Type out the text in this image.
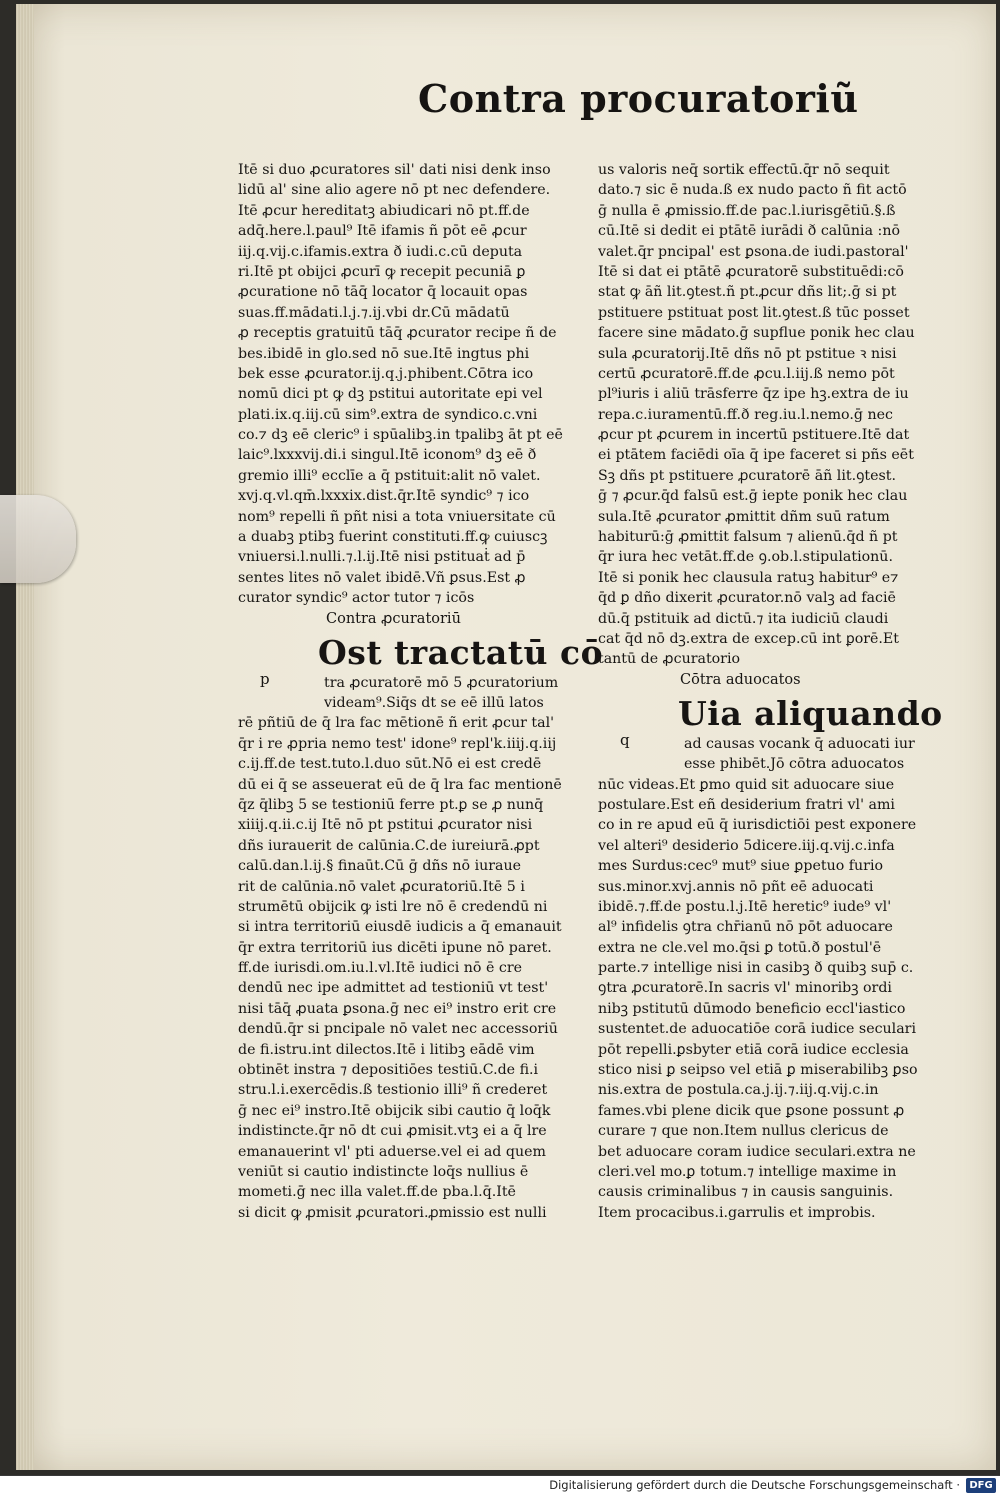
Contra procuratoriũ
Itē si duo ꝓcuratores sil' dati nisi denk inso
lidū al' sine alio agere nō pt nec defendere.
Itē ꝓcur hereditatꝫ abiudicari nō pt.ff.de
adq̄.here.l.paul⁹ Itē ifamis ñ pōt eē ꝓcur
iij.q.vij.c.ifamis.extra ð iudi.c.cū deputa
ri.Itē pt obijci ꝓcurī ꝙ recepit pecuniā ꝑ
ꝓcuratione nō tāq̄ locator q̄ locauit opas
suas.ff.mādati.l.j.⁊.ij.vbi dr.Cū mādatū
ꝓ receptis gratuitū tāq̄ ꝓcurator recipe ñ de
bes.ibidē in glo.sed nō sue.Itē ingtus phi
bek esse ꝓcurator.ij.q.j.phibent.Cōtra ico
nomū dici pt ꝙ dꝫ pstitui autoritate epi vel
plati.ix.q.iij.cū sim⁹.extra de syndico.c.vni
co.⁊ dꝫ eē cleric⁹ i spūalibꝫ.in tpalibꝫ āt pt eē
laic⁹.lxxxvij.di.i singul.Itē iconom⁹ dꝫ eē ð
gremio illi⁹ ecclīe a q̄ pstituit:alit nō valet.
xvj.q.vl.qm̄.lxxxix.dist.q̄r.Itē syndic⁹ ⁊ ico
nom⁹ repelli ñ pñt nisi a tota vniuersitate cū
a duabꝫ ptibꝫ fuerint constituti.ff.ꝙ cuiuscꝫ
vniuersi.l.nulli.⁊.l.ij.Itē nisi pstituaṫ ad p̄
sentes lites nō valet ibidē.Vñ ꝑsus.Est ꝓ
curator syndic⁹ actor tutor ⁊ icōs
Contra ꝓcuratoriū
Ost tractatū cō
p	tra ꝓcuratorē mō 5 ꝓcuratorium
videam⁹.Siq̄s dt se eē illū latos
rē pñtiū de q̄ lra fac mētionē ñ erit ꝓcur tal'
q̄r i re ꝓpria nemo test' idone⁹ repl'k.iiij.q.iij
c.ij.ff.de test.tuto.l.duo sūt.Nō ei est credē
dū ei q̄ se asseuerat eū de q̄ lra fac mentionē
q̄z q̄libꝫ 5 se testioniū ferre pt.ꝑ se ꝓ nunq̄
xiiij.q.ii.c.ij Itē nō pt pstitui ꝓcurator nisi
dñs iurauerit de calūnia.C.de iureiurā.ꝓpt
calū.dan.l.ij.§ finaūt.Cū ḡ dñs nō iuraue
rit de calūnia.nō valet ꝓcuratoriū.Itē 5 i
strumētū obijcik ꝙ isti lre nō ē credendū ni
si intra territoriū eiusdē iudicis a q̄ emanauit
q̄r extra territoriū ius dicēti ipune nō paret.
ff.de iurisdi.om.iu.l.vl.Itē iudici nō ē cre
dendū nec ipe admittet ad testioniū vt test'
nisi tāq̄ ꝓuata ꝑsona.ḡ nec ei⁹ instro erit cre
dendū.q̄r si pncipale nō valet nec accessoriū
de fi.istru.int dilectos.Itē i litibꝫ eādē vim
obtinēt instra ⁊ depositiōes testiū.C.de fi.i
stru.l.i.exercēdis.ß testionio illi⁹ ñ crederet
ḡ nec ei⁹ instro.Itē obijcik sibi cautio q̄ loq̄k
indistincte.q̄r nō dt cui ꝓmisit.vtꝫ ei a q̄ lre
emanauerint vl' pti aduerse.vel ei ad quem
veniūt si cautio indistincte loq̄s nullius ē
mometi.ḡ nec illa valet.ff.de pba.l.q̄.Itē
si dicit ꝙ ꝓmisit ꝓcuratori.ꝓmissio est nulli
us valoris neq̄ sortik effectū.q̄r nō sequit
dato.⁊ sic ē nuda.ß ex nudo pacto ñ fit actō
ḡ nulla ē ꝓmissio.ff.de pac.l.iurisgētiū.§.ß
cū.Itē si dedit ei ptātē iurādi ð calūnia :nō
valet.q̄r pncipal' est ꝑsona.de iudi.pastoral'
Itē si dat ei ptātē ꝓcuratorē substituēdi:cō
stat ꝙ āñ lit.ꝯtest.ñ pt.ꝓcur dñs lit;.ḡ si pt
pstituere pstituat post lit.ꝯtest.ß tūc posset
facere sine mādato.ḡ supflue ponik hec clau
sula ꝓcuratorij.Itē dñs nō pt pstitue ꝛ nisi
certū ꝓcuratorē.ff.de ꝓcu.l.iij.ß nemo pōt
pl⁹iuris i aliū trāsferre q̄z ipe hꝫ.extra de iu
repa.c.iuramentū.ff.ð reg.iu.l.nemo.ḡ nec
ꝓcur pt ꝓcurem in incertū pstituere.Itē dat
ei ptātem faciēdi oīa q̄ ipe faceret si pñs eēt
Sꝫ dñs pt pstituere ꝓcuratorē āñ lit.ꝯtest.
ḡ ⁊ ꝓcur.q̄d falsū est.ḡ iepte ponik hec clau
sula.Itē ꝓcurator ꝓmittit dñm suū ratum
habiturū:ḡ ꝓmittit falsum ⁊ alienū.q̄d ñ pt
q̄r iura hec vetāt.ff.de ꝯ.ob.l.stipulationū.
Itē si ponik hec clausula ratuꝫ habitur⁹ e⁊
q̄d ꝑ dño dixerit ꝓcurator.nō valꝫ ad faciē
dū.q̄ pstituik ad dictū.⁊ ita iudiciū claudi
cat q̄d nō dꝫ.extra de excep.cū int ꝑorē.Et
tantū de ꝓcuratorio
Cōtra aduocatos
Uia aliquando
q	ad causas vocank q̄ aduocati iur
esse phibēt.Jō cōtra aduocatos
nūc videas.Et ꝑmo quid sit aduocare siue
postulare.Est eñ desiderium fratri vl' ami
co in re apud eū q̄ iurisdictiōi pest exponere
vel alteri⁹ desiderio 5dicere.iij.q.vij.c.infa
mes Surdus:cec⁹ mut⁹ siue ꝑpetuo furio
sus.minor.xvj.annis nō pñt eē aduocati
ibidē.⁊.ff.de postu.l.j.Itē heretic⁹ iude⁹ vl'
al⁹ infidelis ꝯtra chr̄ianū nō pōt aduocare
extra ne cle.vel mo.q̄si ꝑ totū.ð postul'ē
parte.⁊ intellige nisi in casibꝫ ð quibꝫ sup̄ c.
ꝯtra ꝓcuratorē.In sacris vl' minoribꝫ ordi
nibꝫ pstitutū dūmodo beneficio eccl'iastico
sustentet.de aduocatiōe corā iudice seculari
pōt repelli.ꝑsbyter etiā corā iudice ecclesia
stico nisi ꝑ seipso vel etiā ꝑ miserabilibꝫ ꝑso
nis.extra de postula.ca.j.ij.⁊.iij.q.vij.c.in
fames.vbi plene dicik que ꝑsone possunt ꝓ
curare ⁊ que non.Item nullus clericus de
bet aduocare coram iudice seculari.extra ne
cleri.vel mo.ꝑ totum.⁊ intellige maxime in
causis criminalibus ⁊ in causis sanguinis.
Item procacibus.i.garrulis et improbis.
Digitalisierung gefördert durch die Deutsche Forschungsgemeinschaft · DFG
